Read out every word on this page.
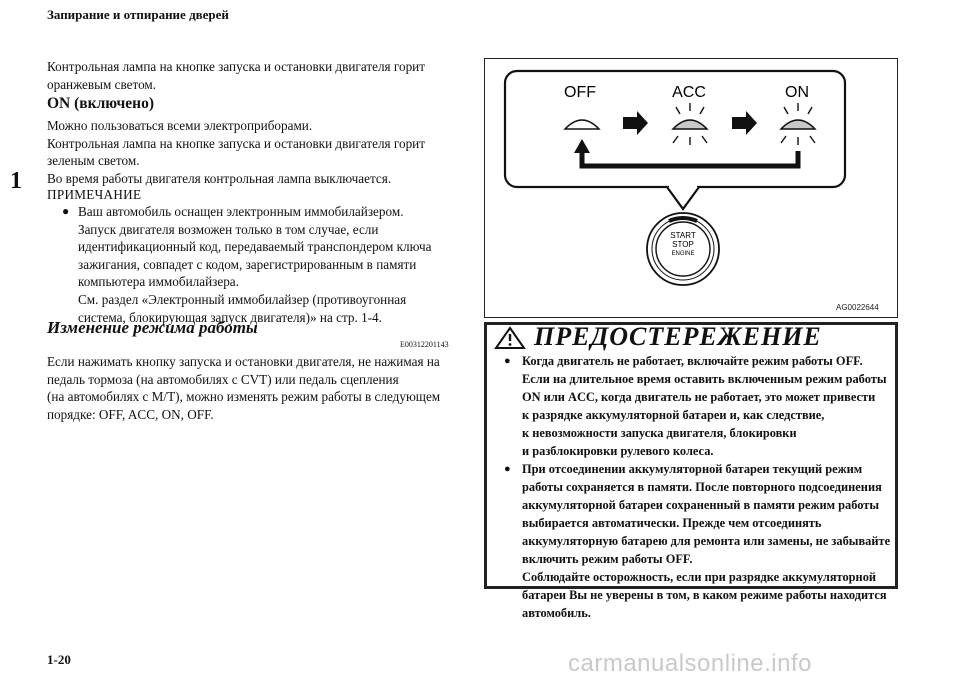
Запирание и отпирание дверей
1
Контрольная лампа на кнопке запуска и остановки двигателя горит
оранжевым светом.
ON (включено)
Можно пользоваться всеми электроприборами.
Контрольная лампа на кнопке запуска и остановки двигателя горит
зеленым светом.
Во время работы двигателя контрольная лампа выключается.
ПРИМЕЧАНИЕ
● Ваш автомобиль оснащен электронным иммобилайзером.
Запуск двигателя возможен только в том случае, если
идентификационный код, передаваемый транспондером ключа
зажигания, совпадет с кодом, зарегистрированным в памяти
компьютера иммобилайзера.
См. раздел «Электронный иммобилайзер (противоугонная
система, блокирующая запуск двигателя)» на стр. 1-4.
Изменение режима работы
E00312201143
Если нажимать кнопку запуска и остановки двигателя, не нажимая на
педаль тормоза (на автомобилях с CVT) или педаль сцепления
(на автомобилях с M/T), можно изменять режим работы в следующем
порядке: OFF, ACC, ON, OFF.
OFF	ACC	ON
START
STOP
ENGINE
AG0022644
ПРЕДОСТЕРЕЖЕНИЕ
● Когда двигатель не работает, включайте режим работы OFF.
Если на длительное время оставить включенным режим работы
ON или ACC, когда двигатель не работает, это может привести
к разрядке аккумуляторной батареи и, как следствие,
к невозможности запуска двигателя, блокировки
и разблокировки рулевого колеса.
● При отсоединении аккумуляторной батареи текущий режим
работы сохраняется в памяти. После повторного подсоединения
аккумуляторной батареи сохраненный в памяти режим работы
выбирается автоматически. Прежде чем отсоединять
аккумуляторную батарею для ремонта или замены, не забывайте
включить режим работы OFF.
Соблюдайте осторожность, если при разрядке аккумуляторной
батареи Вы не уверены в том, в каком режиме работы находится
автомобиль.
1-20	carmanualsonline.info
